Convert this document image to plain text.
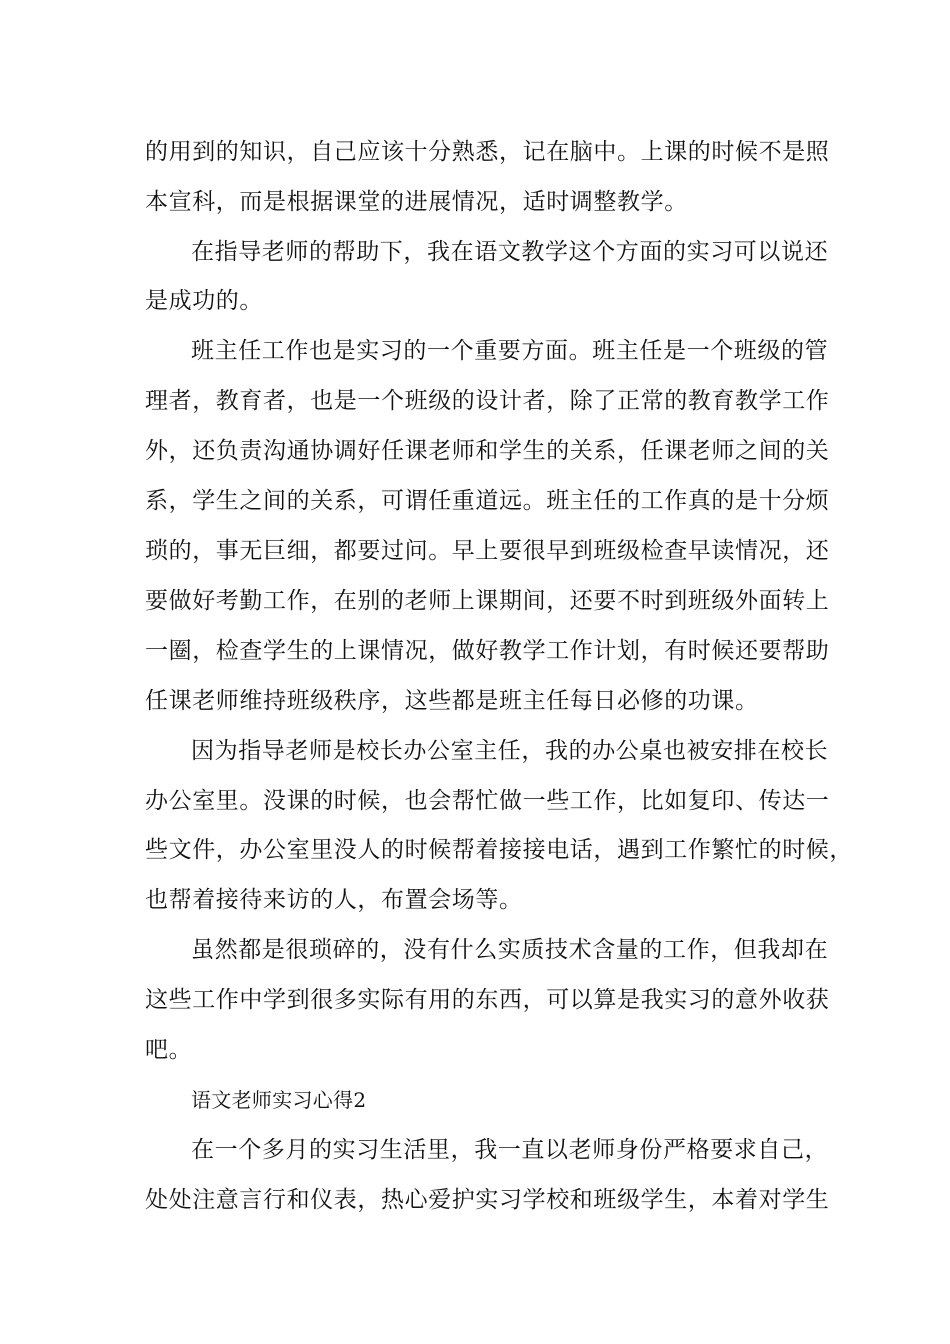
的用到的知识，自己应该十分熟悉，记在脑中。上课的时候不是照
本宣科，而是根据课堂的进展情况，适时调整教学。
在指导老师的帮助下，我在语文教学这个方面的实习可以说还
是成功的。
班主任工作也是实习的一个重要方面。班主任是一个班级的管
理者，教育者，也是一个班级的设计者，除了正常的教育教学工作
外，还负责沟通协调好任课老师和学生的关系，任课老师之间的关
系，学生之间的关系，可谓任重道远。班主任的工作真的是十分烦
琐的，事无巨细，都要过问。早上要很早到班级检查早读情况，还
要做好考勤工作，在别的老师上课期间，还要不时到班级外面转上
一圈，检查学生的上课情况，做好教学工作计划，有时候还要帮助
任课老师维持班级秩序，这些都是班主任每日必修的功课。
因为指导老师是校长办公室主任，我的办公桌也被安排在校长
办公室里。没课的时候，也会帮忙做一些工作，比如复印、传达一
些文件，办公室里没人的时候帮着接接电话，遇到工作繁忙的时候，
也帮着接待来访的人，布置会场等。
虽然都是很琐碎的，没有什么实质技术含量的工作，但我却在
这些工作中学到很多实际有用的东西，可以算是我实习的意外收获
吧。
语文老师实习心得2
在一个多月的实习生活里，我一直以老师身份严格要求自己，
处处注意言行和仪表，热心爱护实习学校和班级学生，本着对学生
